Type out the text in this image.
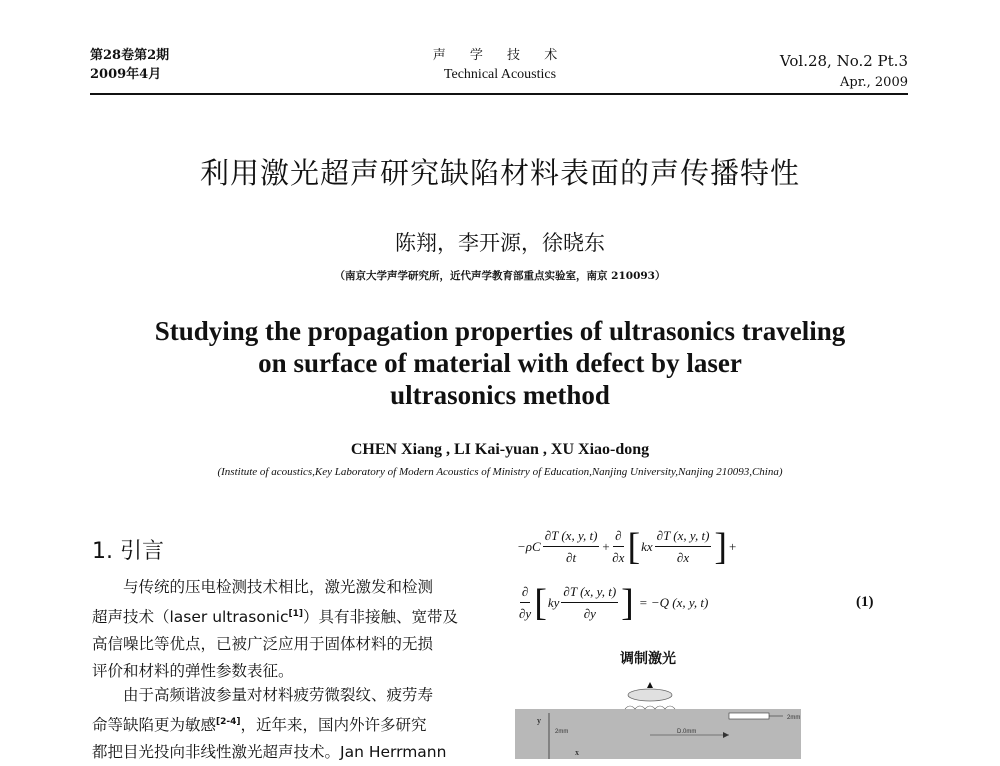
第28卷第2期
2009年4月
声 学 技 术
Technical Acoustics
Vol.28, No.2 Pt.3
Apr., 2009
利用激光超声研究缺陷材料表面的声传播特性
陈翔，李开源，徐晓东
（南京大学声学研究所，近代声学教育部重点实验室，南京 210093）
Studying the propagation properties of ultrasonics traveling
on surface of material with defect by laser
ultrasonics method
CHEN Xiang , LI Kai-yuan , XU Xiao-dong
(Institute of acoustics,Key Laboratory of Modern Acoustics of Ministry of Education,Nanjing University,Nanjing 210093,China)
1. 引言
与传统的压电检测技术相比，激光激发和检测
超声技术（laser ultrasonic[1]）具有非接触、宽带及
高信噪比等优点，已被广泛应用于固体材料的无损
评价和材料的弹性参数表征。
由于高频谐波参量对材料疲劳微裂纹、疲劳寿
命等缺陷更为敏感[2-4]，近年来，国内外许多研究
都把目光投向非线性激光超声技术。Jan Herrmann
$-\rho C \frac{\partial T (x, y, t)}{\partial t} + \frac{\partial}{\partial x}$ [ kx $\frac{\partial T (x, y, t)}{\partial x}$ ] +
$\frac{\partial}{\partial y}$ [ ky $\frac{\partial T (x, y, t)}{\partial y}$ ] = −Q (x, y, t)	(1)
调制激光
y
2mm
x
D.0mm
2mm
